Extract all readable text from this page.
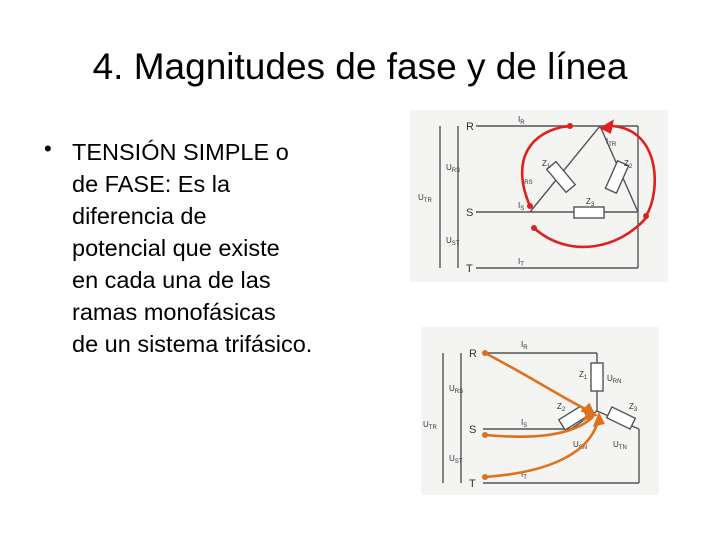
4. Magnitudes de fase y de línea
• TENSIÓN SIMPLE o
de FASE: Es la
diferencia de
potencial que existe
en cada una de las
ramas monofásicas
de un sistema trifásico.
R
S
T
$U_{RS}$
$U_{ST}$
$U_{TR}$
$I_R$
$I_S$
$I_T$
$I_{TR}$
$I_{RS}$
$Z_1$	$Z_2$
$Z_3$
R
S
T
$U_{RS}$
$U_{ST}$
$U_{TR}$
$I_R$
$I_S$
$I_T$
$Z_1$
$Z_2$	$Z_3$
$U_{RN}$
$U_{SN}$	$U_{TN}$
